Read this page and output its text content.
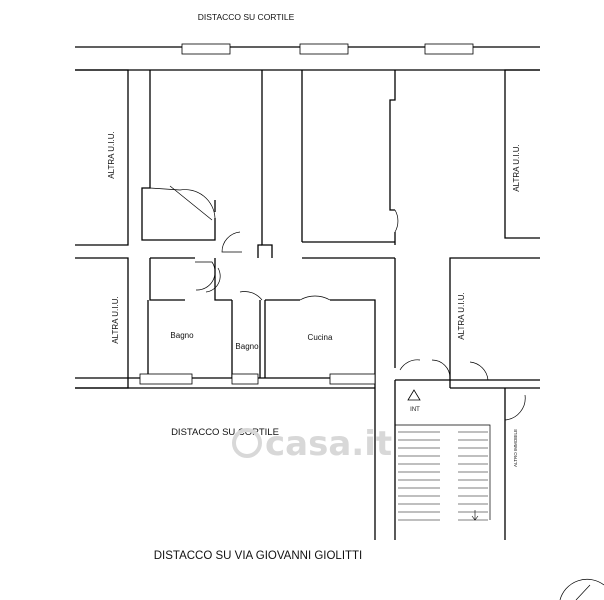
DISTACCO SU CORTILE
DISTACCO SU CORTILE
DISTACCO SU VIA GIOVANNI GIOLITTI
ALTRA U.I.U.
ALTRA U.I.U.
ALTRA U.I.U.
ALTRA U.I.U.
Bagno
Bagno
Cucina
INT
ALTRO IMMOBILE
casa.it
